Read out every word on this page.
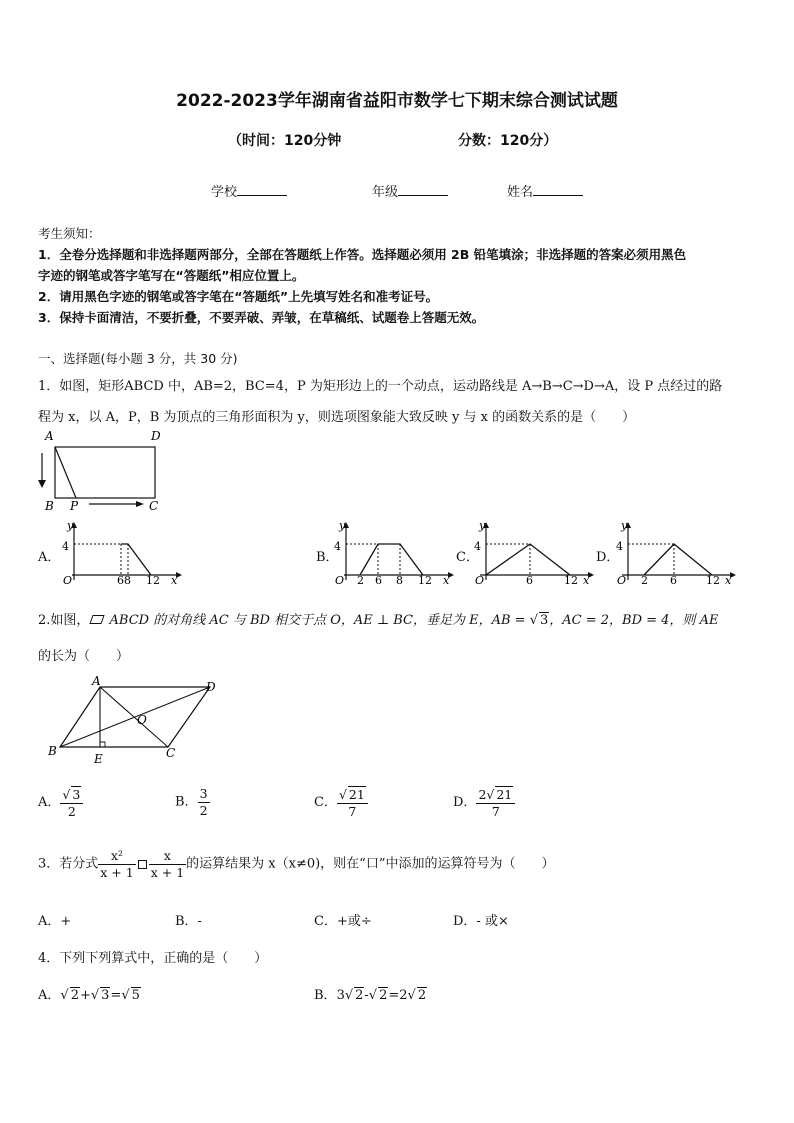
2022-2023学年湖南省益阳市数学七下期末综合测试试题
（时间：120分钟	分数：120分）
学校	年级	姓名
考生须知：
1．全卷分选择题和非选择题两部分，全部在答题纸上作答。选择题必须用 2B 铅笔填涂；非选择题的答案必须用黑色
字迹的钢笔或答字笔写在“答题纸”相应位置上。
2．请用黑色字迹的钢笔或答字笔在“答题纸”上先填写姓名和准考证号。
3．保持卡面清洁，不要折叠，不要弄破、弄皱，在草稿纸、试题卷上答题无效。
一、选择题(每小题 3 分，共 30 分)
1．如图，矩形ABCD 中，AB=2，BC=4，P 为矩形边上的一个动点，运动路线是 A→B→C→D→A，设 P 点经过的路
程为 x，以 A，P，B 为顶点的三角形面积为 y，则选项图象能大致反映 y 与 x 的函数关系的是（　　）
A	D
B P	C
A．
y
4
O	6 8 12 x
B．
y
4
O 2 6 8 12 x
C．
y
4
O	6	12 x
D．
y
4
O 2 6	12 x
2.如图， ABCD 的对角线 AC 与 BD 相交于点 O，AE ⊥ BC，垂足为 E，AB = √ 3，AC = 2，BD = 4，则 AE
的长为（　　）
A	D
B	C
O
E
A． $\frac{√ 3}{2}$	B． $\frac{3}{2}$	C． $\frac{√ 21}{7}$	D． $\frac{2√ 21}{7}$
3．若分式 $\frac{\text{x²}}{x + 1} \frac{x}{x + 1}$ 的运算结果为 x（x≠0)，则在“口”中添加的运算符号为（　　）
A．+	B．-	C．+或÷	D．- 或×
4．下列下列算式中，正确的是（　　）
A．√ 2+√ 3=√ 5	B．3√ 2-√ 2=2√ 2
